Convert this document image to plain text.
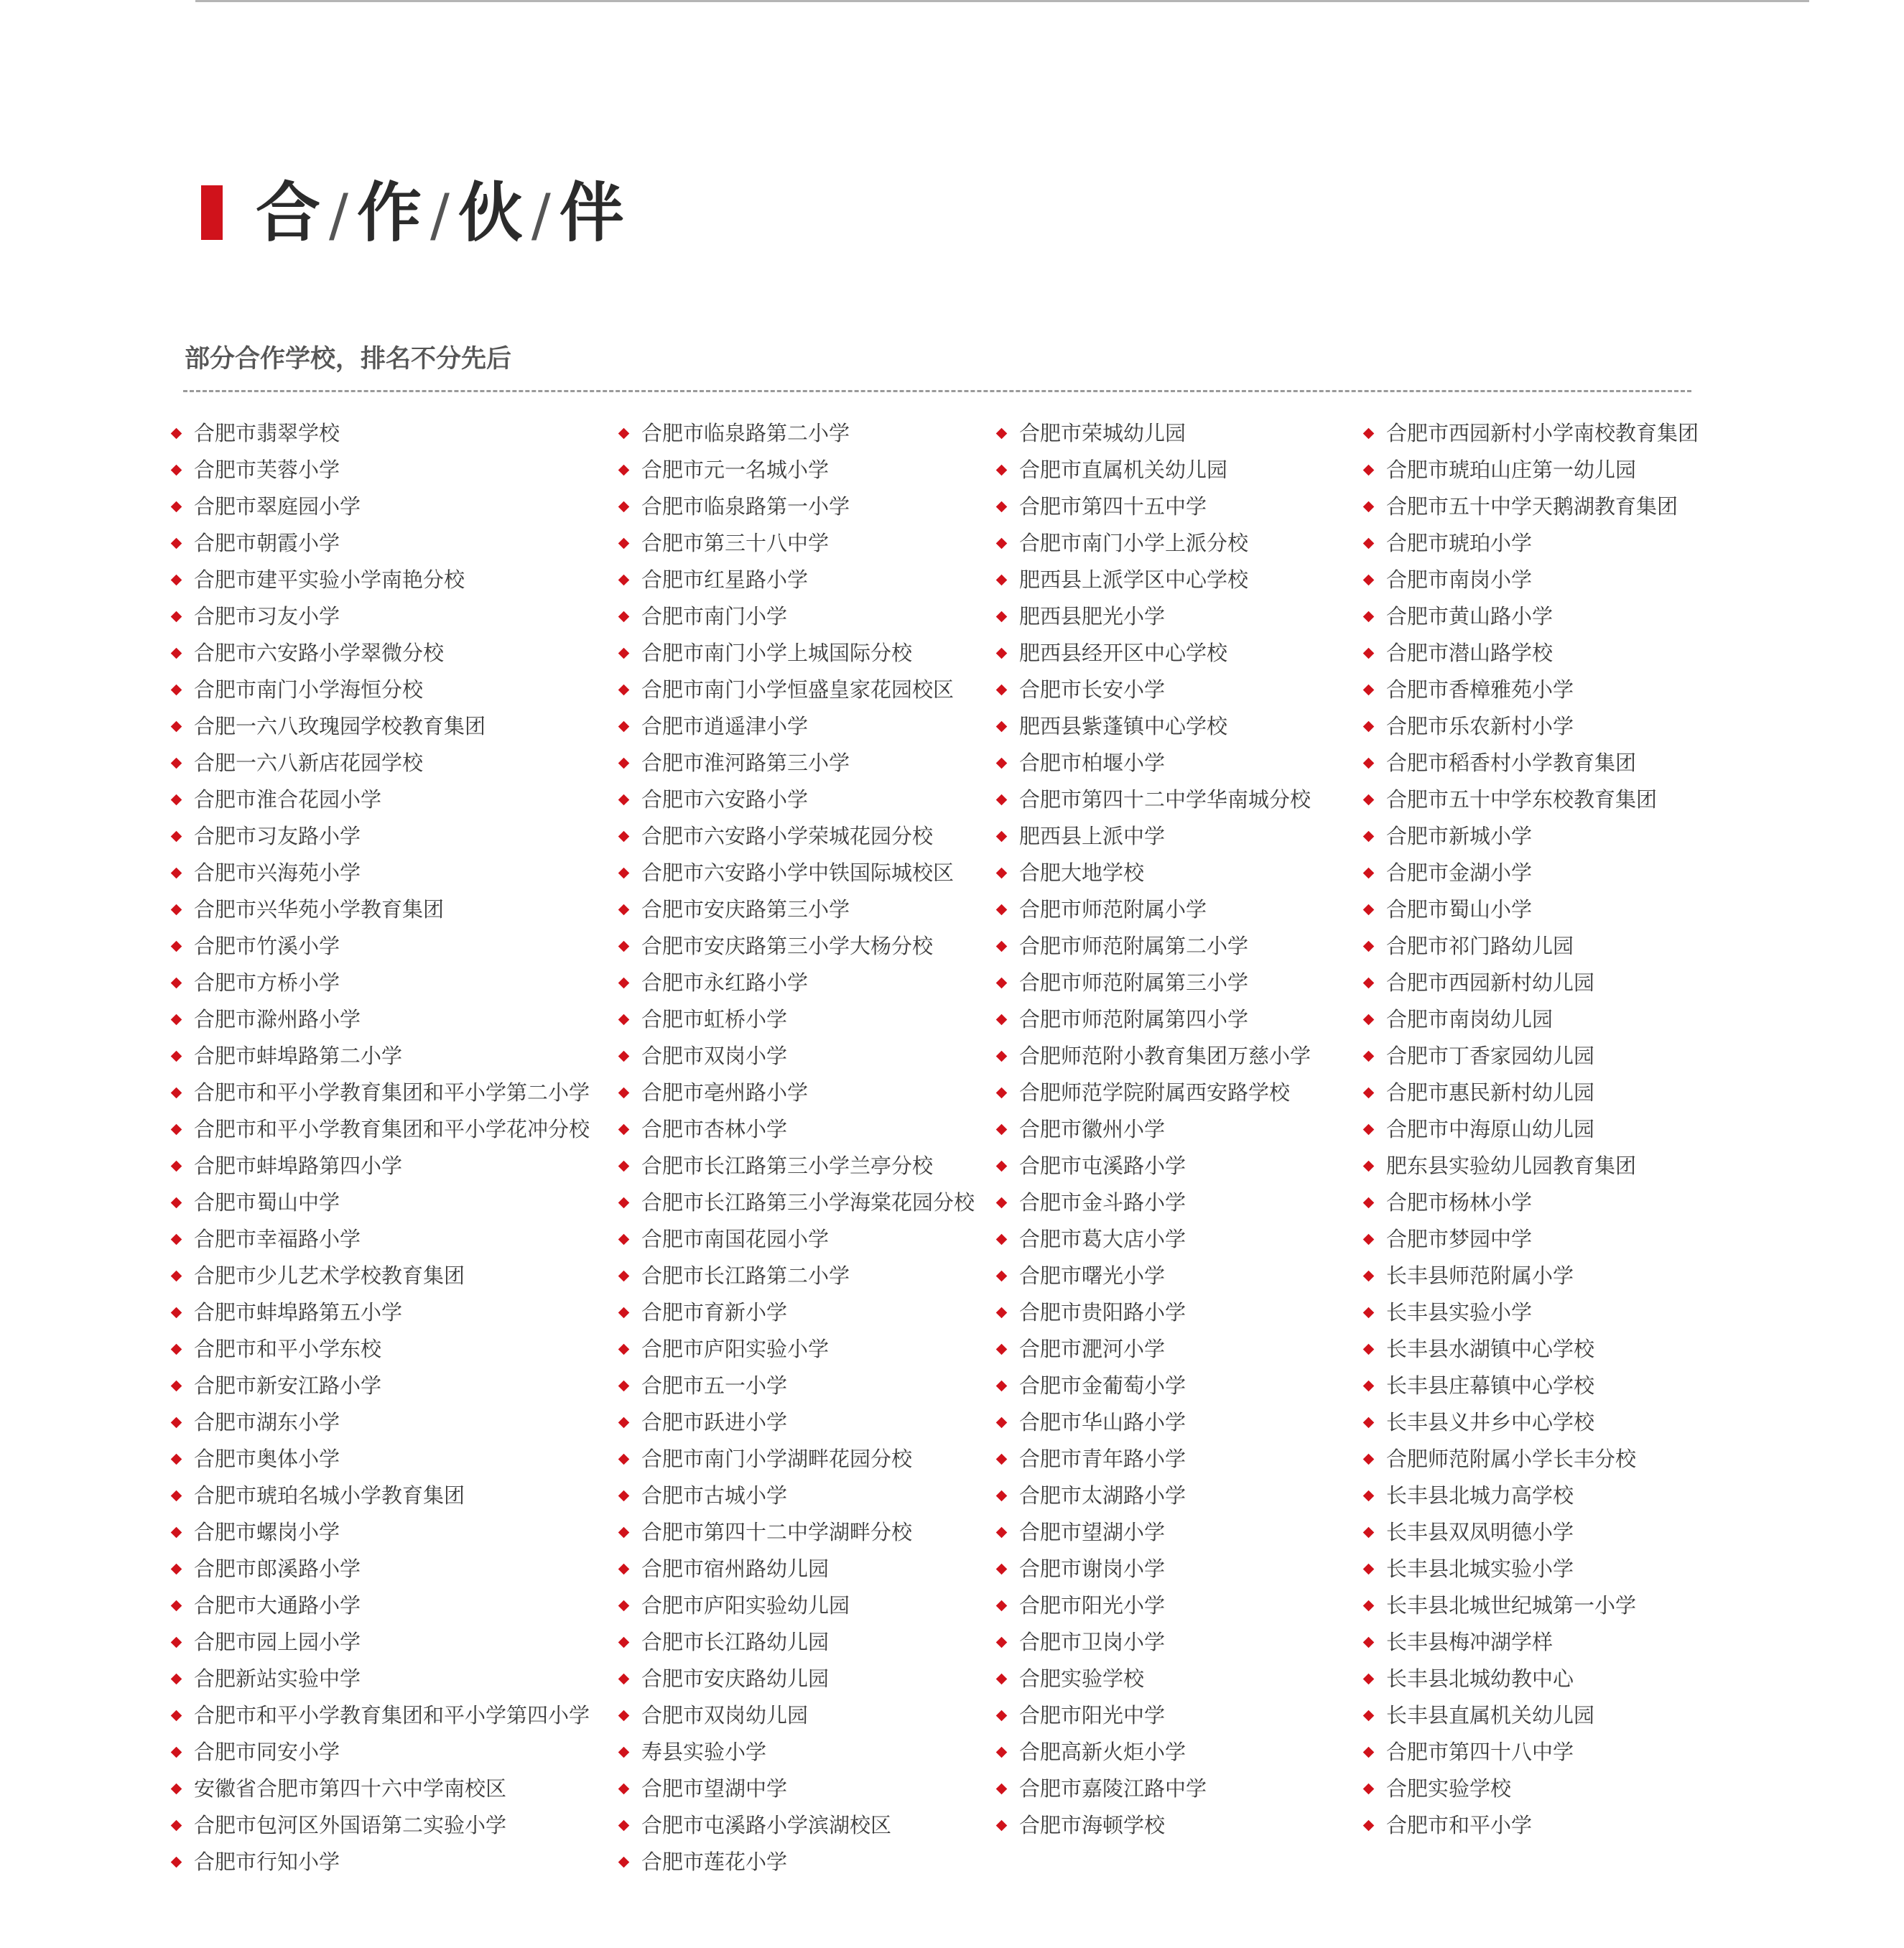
合 /作 /伙 /伴
部分合作学校，排名不分先后
合肥市翡翠学校
合肥市芙蓉小学
合肥市翠庭园小学
合肥市朝霞小学
合肥市建平实验小学南艳分校
合肥市习友小学
合肥市六安路小学翠微分校
合肥市南门小学海恒分校
合肥一六八玫瑰园学校教育集团
合肥一六八新店花园学校
合肥市淮合花园小学
合肥市习友路小学
合肥市兴海苑小学
合肥市兴华苑小学教育集团
合肥市竹溪小学
合肥市方桥小学
合肥市滁州路小学
合肥市蚌埠路第二小学
合肥市和平小学教育集团和平小学第二小学
合肥市和平小学教育集团和平小学花冲分校
合肥市蚌埠路第四小学
合肥市蜀山中学
合肥市幸福路小学
合肥市少儿艺术学校教育集团
合肥市蚌埠路第五小学
合肥市和平小学东校
合肥市新安江路小学
合肥市湖东小学
合肥市奥体小学
合肥市琥珀名城小学教育集团
合肥市螺岗小学
合肥市郎溪路小学
合肥市大通路小学
合肥市园上园小学
合肥新站实验中学
合肥市和平小学教育集团和平小学第四小学
合肥市同安小学
安徽省合肥市第四十六中学南校区
合肥市包河区外国语第二实验小学
合肥市行知小学
合肥市临泉路第二小学
合肥市元一名城小学
合肥市临泉路第一小学
合肥市第三十八中学
合肥市红星路小学
合肥市南门小学
合肥市南门小学上城国际分校
合肥市南门小学恒盛皇家花园校区
合肥市逍遥津小学
合肥市淮河路第三小学
合肥市六安路小学
合肥市六安路小学荣城花园分校
合肥市六安路小学中铁国际城校区
合肥市安庆路第三小学
合肥市安庆路第三小学大杨分校
合肥市永红路小学
合肥市虹桥小学
合肥市双岗小学
合肥市亳州路小学
合肥市杏林小学
合肥市长江路第三小学兰亭分校
合肥市长江路第三小学海棠花园分校
合肥市南国花园小学
合肥市长江路第二小学
合肥市育新小学
合肥市庐阳实验小学
合肥市五一小学
合肥市跃进小学
合肥市南门小学湖畔花园分校
合肥市古城小学
合肥市第四十二中学湖畔分校
合肥市宿州路幼儿园
合肥市庐阳实验幼儿园
合肥市长江路幼儿园
合肥市安庆路幼儿园
合肥市双岗幼儿园
寿县实验小学
合肥市望湖中学
合肥市屯溪路小学滨湖校区
合肥市莲花小学
合肥市荣城幼儿园
合肥市直属机关幼儿园
合肥市第四十五中学
合肥市南门小学上派分校
肥西县上派学区中心学校
肥西县肥光小学
肥西县经开区中心学校
合肥市长安小学
肥西县紫蓬镇中心学校
合肥市柏堰小学
合肥市第四十二中学华南城分校
肥西县上派中学
合肥大地学校
合肥市师范附属小学
合肥市师范附属第二小学
合肥市师范附属第三小学
合肥市师范附属第四小学
合肥师范附小教育集团万慈小学
合肥师范学院附属西安路学校
合肥市徽州小学
合肥市屯溪路小学
合肥市金斗路小学
合肥市葛大店小学
合肥市曙光小学
合肥市贵阳路小学
合肥市淝河小学
合肥市金葡萄小学
合肥市华山路小学
合肥市青年路小学
合肥市太湖路小学
合肥市望湖小学
合肥市谢岗小学
合肥市阳光小学
合肥市卫岗小学
合肥实验学校
合肥市阳光中学
合肥高新火炬小学
合肥市嘉陵江路中学
合肥市海顿学校
合肥市西园新村小学南校教育集团
合肥市琥珀山庄第一幼儿园
合肥市五十中学天鹅湖教育集团
合肥市琥珀小学
合肥市南岗小学
合肥市黄山路小学
合肥市潜山路学校
合肥市香樟雅苑小学
合肥市乐农新村小学
合肥市稻香村小学教育集团
合肥市五十中学东校教育集团
合肥市新城小学
合肥市金湖小学
合肥市蜀山小学
合肥市祁门路幼儿园
合肥市西园新村幼儿园
合肥市南岗幼儿园
合肥市丁香家园幼儿园
合肥市惠民新村幼儿园
合肥市中海原山幼儿园
肥东县实验幼儿园教育集团
合肥市杨林小学
合肥市梦园中学
长丰县师范附属小学
长丰县实验小学
长丰县水湖镇中心学校
长丰县庄幕镇中心学校
长丰县义井乡中心学校
合肥师范附属小学长丰分校
长丰县北城力高学校
长丰县双凤明德小学
长丰县北城实验小学
长丰县北城世纪城第一小学
长丰县梅冲湖学样
长丰县北城幼教中心
长丰县直属机关幼儿园
合肥市第四十八中学
合肥实验学校
合肥市和平小学
